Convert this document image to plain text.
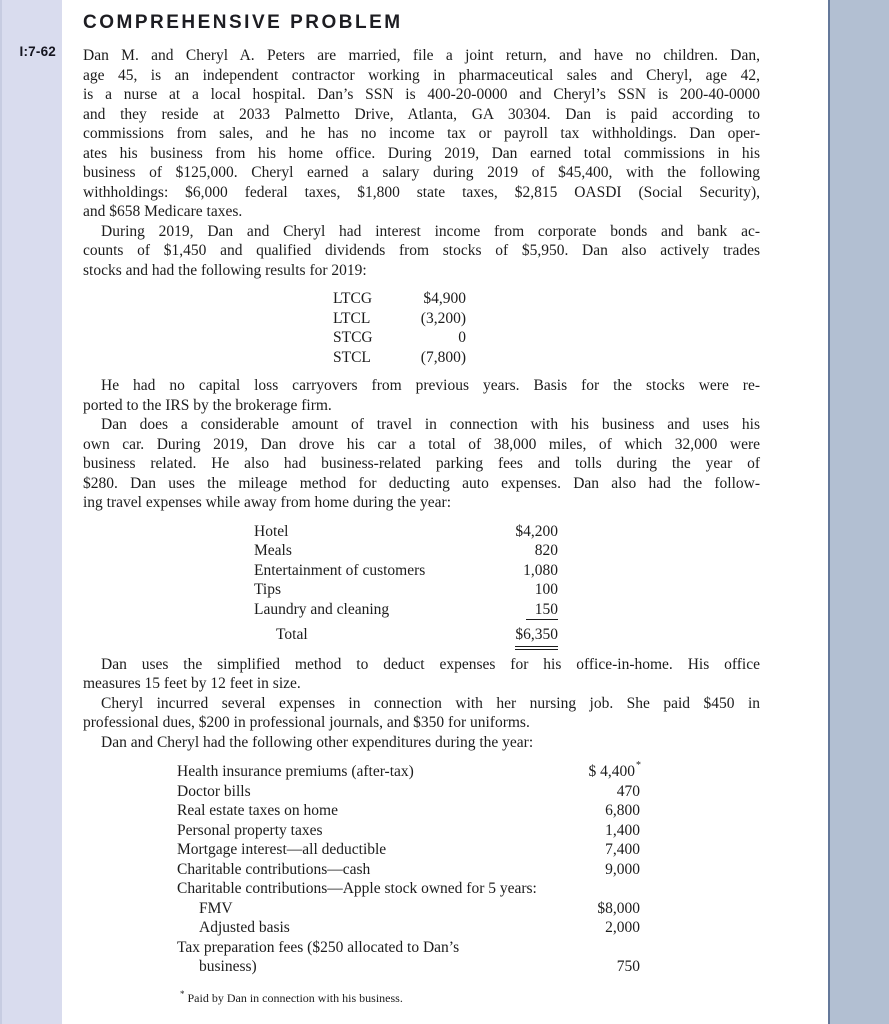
I:7-62
COMPREHENSIVE PROBLEM
Dan M. and Cheryl A. Peters are married, file a joint return, and have no children. Dan,
age 45, is an independent contractor working in pharmaceutical sales and Cheryl, age 42,
is a nurse at a local hospital. Dan’s SSN is 400-20-0000 and Cheryl’s SSN is 200-40-0000
and they reside at 2033 Palmetto Drive, Atlanta, GA 30304. Dan is paid according to
commissions from sales, and he has no income tax or payroll tax withholdings. Dan oper-
ates his business from his home office. During 2019, Dan earned total commissions in his
business of $125,000. Cheryl earned a salary during 2019 of $45,400, with the following
withholdings: $6,000 federal taxes, $1,800 state taxes, $2,815 OASDI (Social Security),
and $658 Medicare taxes.
During 2019, Dan and Cheryl had interest income from corporate bonds and bank ac-
counts of $1,450 and qualified dividends from stocks of $5,950. Dan also actively trades
stocks and had the following results for 2019:
LTCG	$4,900
LTCL	(3,200)
STCG	0
STCL	(7,800)
He had no capital loss carryovers from previous years. Basis for the stocks were re-
ported to the IRS by the brokerage firm.
Dan does a considerable amount of travel in connection with his business and uses his
own car. During 2019, Dan drove his car a total of 38,000 miles, of which 32,000 were
business related. He also had business-related parking fees and tolls during the year of
$280. Dan uses the mileage method for deducting auto expenses. Dan also had the follow-
ing travel expenses while away from home during the year:
Hotel	$4,200
Meals	820
Entertainment of customers	1,080
Tips	100
Laundry and cleaning	150
Total	$6,350
Dan uses the simplified method to deduct expenses for his office-in-home. His office
measures 15 feet by 12 feet in size.
Cheryl incurred several expenses in connection with her nursing job. She paid $450 in
professional dues, $200 in professional journals, and $350 for uniforms.
Dan and Cheryl had the following other expenditures during the year:
Health insurance premiums (after-tax)	$ 4,400*
Doctor bills	470
Real estate taxes on home	6,800
Personal property taxes	1,400
Mortgage interest—all deductible	7,400
Charitable contributions—cash	9,000
Charitable contributions—Apple stock owned for 5 years:
FMV	$8,000
Adjusted basis	2,000
Tax preparation fees ($250 allocated to Dan’s
business)	750
* Paid by Dan in connection with his business.
